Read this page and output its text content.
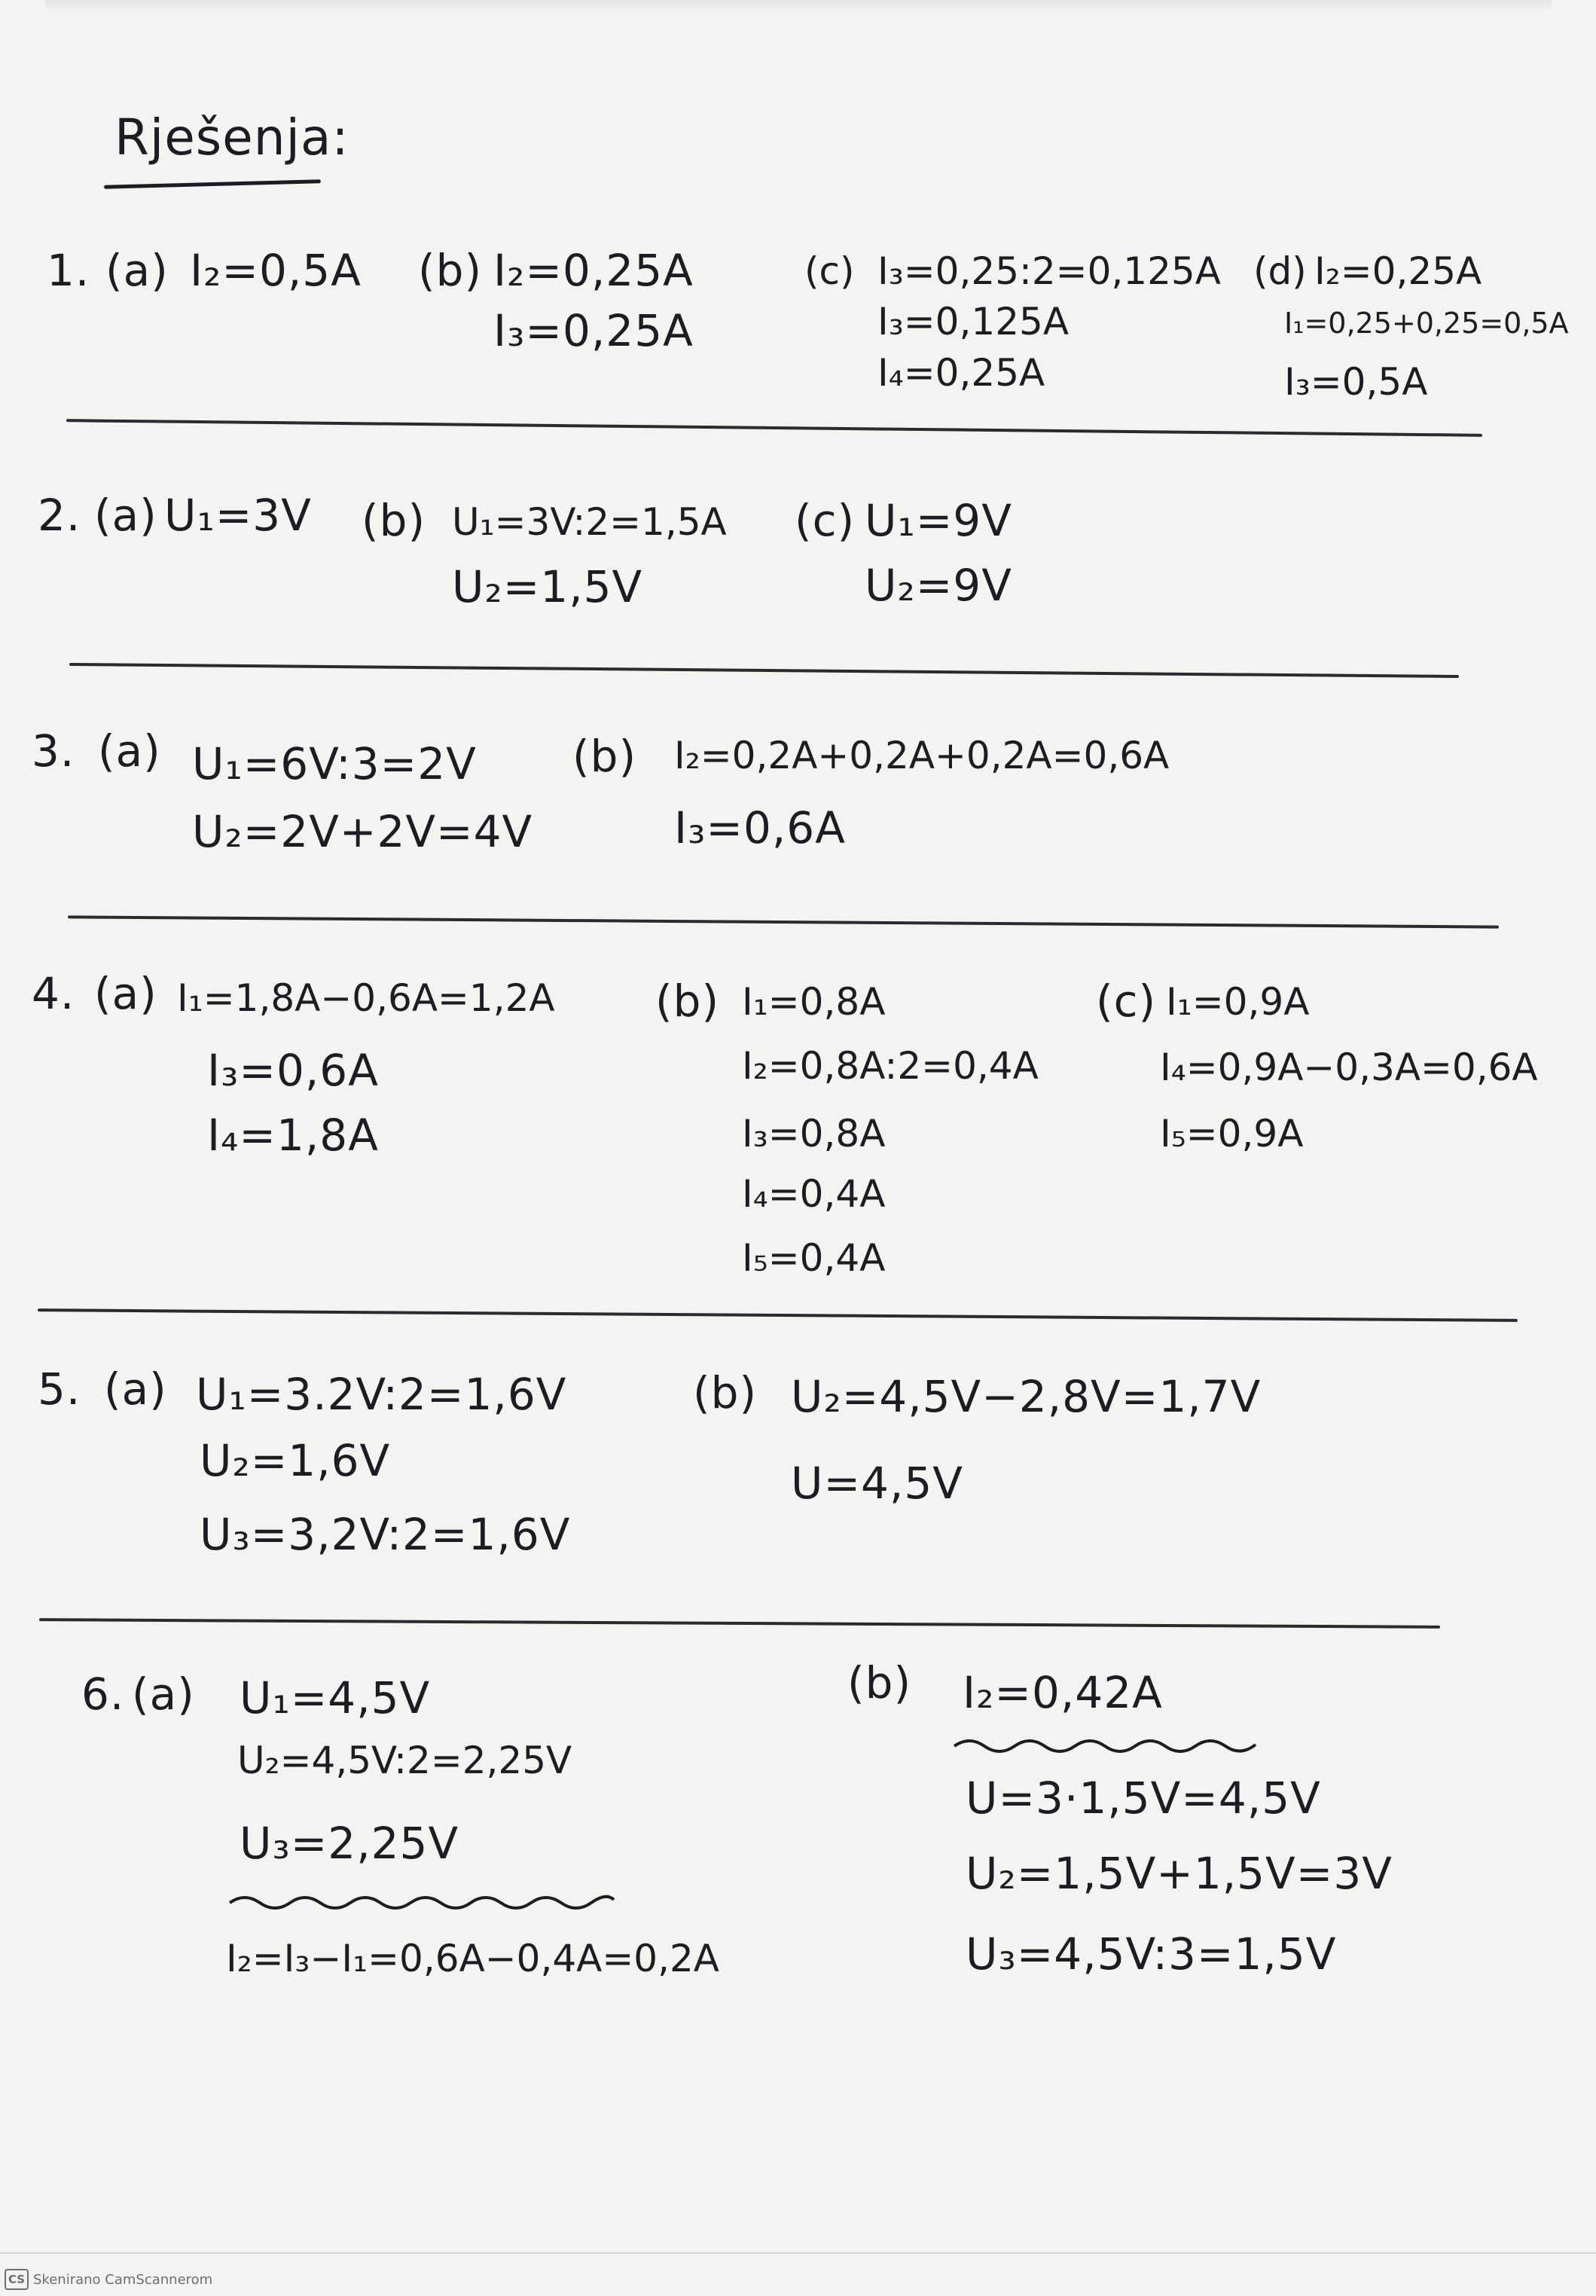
Rješenja:
1. (a) I₂=0,5A (b) I₂=0,25A
I₃=0,25A
(c) I₃=0,25:2=0,125A
I₃=0,125A
I₄=0,25A
(d) I₂=0,25A
I₁=0,25+0,25=0,5A
I₃=0,5A
2. (a) U₁=3V (b) U₁=3V:2=1,5A
U₂=1,5V
(c) U₁=9V
U₂=9V
3. (a) U₁=6V:3=2V
U₂=2V+2V=4V
(b) I₂=0,2A+0,2A+0,2A=0,6A
I₃=0,6A
4. (a) I₁=1,8A−0,6A=1,2A
I₃=0,6A
I₄=1,8A
(b) I₁=0,8A
I₂=0,8A:2=0,4A
I₃=0,8A
I₄=0,4A
I₅=0,4A
(c) I₁=0,9A
I₄=0,9A−0,3A=0,6A
I₅=0,9A
5. (a) U₁=3.2V:2=1,6V
U₂=1,6V
U₃=3,2V:2=1,6V
(b) U₂=4,5V−2,8V=1,7V
U=4,5V
6. (a) U₁=4,5V
U₂=4,5V:2=2,25V
U₃=2,25V
I₂=I₃−I₁=0,6A−0,4A=0,2A
(b) I₂=0,42A
U=3·1,5V=4,5V
U₂=1,5V+1,5V=3V
U₃=4,5V:3=1,5V
CS Skenirano CamScannerom
